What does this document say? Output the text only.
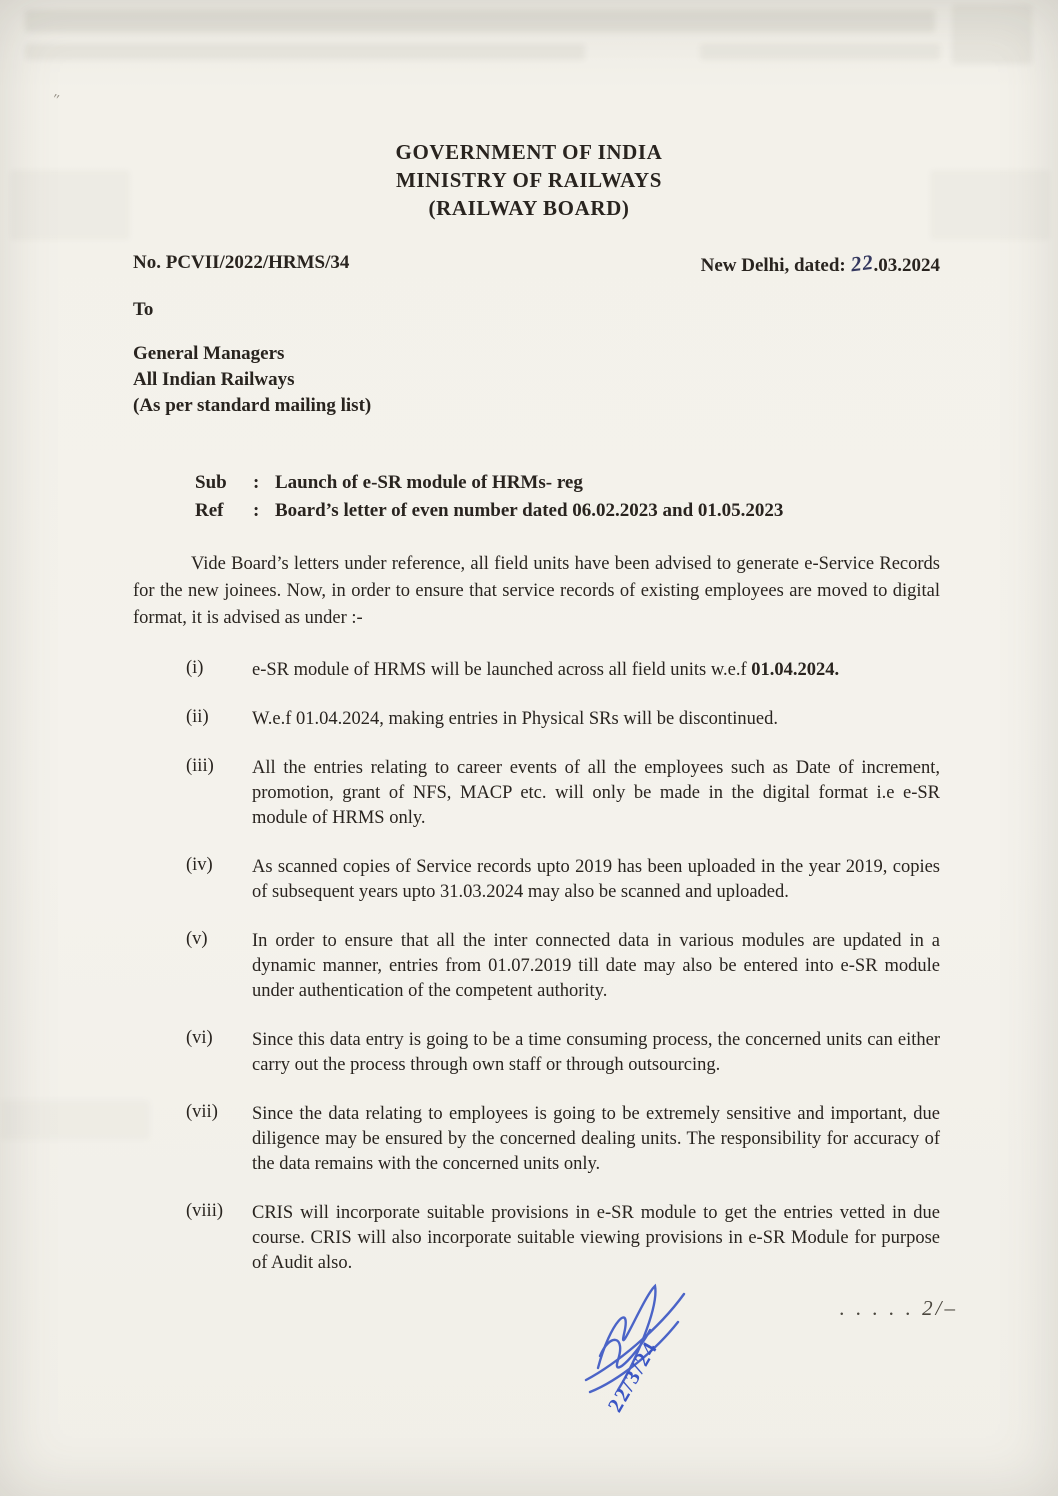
ʺ
GOVERNMENT OF INDIA
MINISTRY OF RAILWAYS
(RAILWAY BOARD)
No. PCVII/2022/HRMS/34	New Delhi, dated: 22.03.2024
To
General Managers
All Indian Railways
(As per standard mailing list)
Sub	: Launch of e-SR module of HRMs- reg
Ref	: Board’s letter of even number dated 06.02.2023 and 01.05.2023
Vide Board’s letters under reference, all field units have been advised to generate e-Service Records for the new joinees. Now, in order to ensure that service records of existing employees are moved to digital format, it is advised as under :-
(i)	e-SR module of HRMS will be launched across all field units w.e.f 01.04.2024.
(ii)	W.e.f 01.04.2024, making entries in Physical SRs will be discontinued.
(iii)	All the entries relating to career events of all the employees such as Date of increment, promotion, grant of NFS, MACP etc. will only be made in the digital format i.e e-SR module of HRMS only.
(iv)	As scanned copies of Service records upto 2019 has been uploaded in the year 2019, copies of subsequent years upto 31.03.2024 may also be scanned and uploaded.
(v)	In order to ensure that all the inter connected data in various modules are updated in a dynamic manner, entries from 01.07.2019 till date may also be entered into e-SR module under authentication of the competent authority.
(vi)	Since this data entry is going to be a time consuming process, the concerned units can either carry out the process through own staff or through outsourcing.
(vii)	Since the data relating to employees is going to be extremely sensitive and important, due diligence may be ensured by the concerned dealing units. The responsibility for accuracy of the data remains with the concerned units only.
(viii)	CRIS will incorporate suitable provisions in e-SR module to get the entries vetted in due course. CRIS will also incorporate suitable viewing provisions in e-SR Module for purpose of Audit also.
22/3/24
. . . . . 2/–
